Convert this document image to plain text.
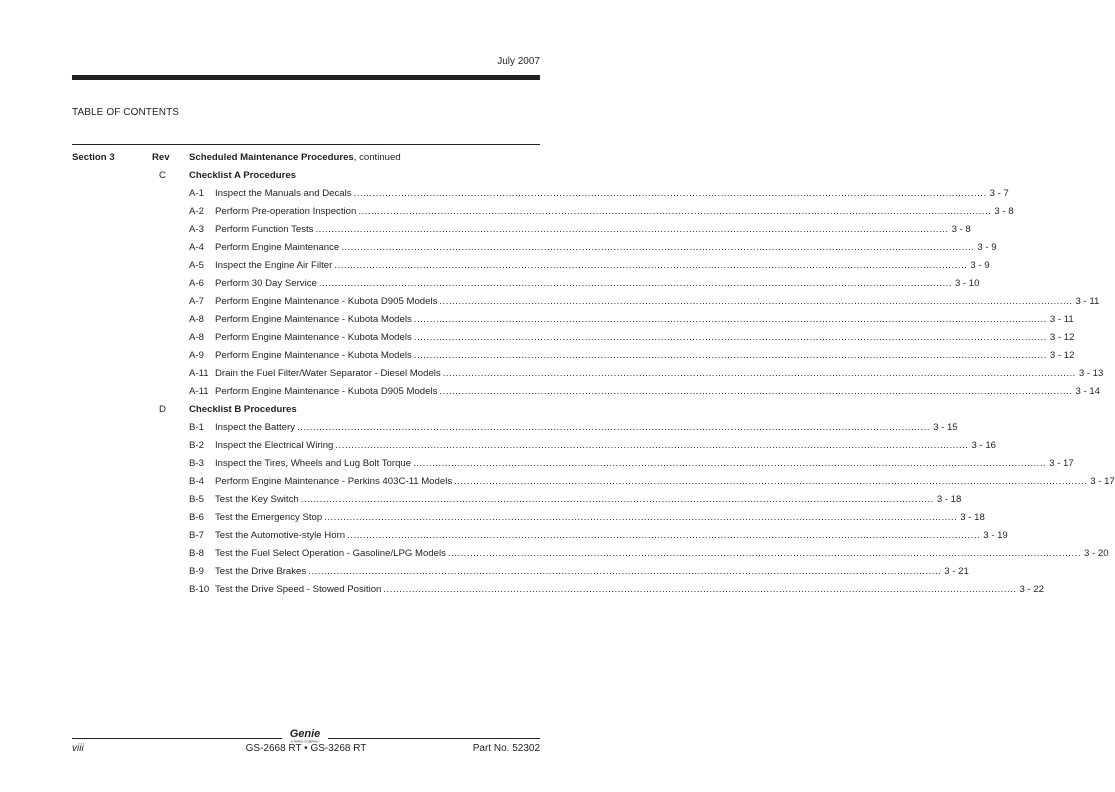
July 2007
TABLE OF CONTENTS
Section 3	Rev Scheduled Maintenance Procedures, continued
C Checklist A Procedures
A-1 Inspect the Manuals and Decals ........................................................................................................................................................................................................ 3 - 7
A-2 Perform Pre-operation Inspection ........................................................................................................................................................................................................ 3 - 8
A-3 Perform Function Tests ........................................................................................................................................................................................................ 3 - 8
A-4 Perform Engine Maintenance ........................................................................................................................................................................................................ 3 - 9
A-5 Inspect the Engine Air Filter ........................................................................................................................................................................................................ 3 - 9
A-6 Perform 30 Day Service ........................................................................................................................................................................................................ 3 - 10
A-7 Perform Engine Maintenance - Kubota D905 Models ........................................................................................................................................................................................................ 3 - 11
A-8 Perform Engine Maintenance - Kubota Models ........................................................................................................................................................................................................ 3 - 11
A-8 Perform Engine Maintenance - Kubota Models ........................................................................................................................................................................................................ 3 - 12
A-9 Perform Engine Maintenance - Kubota Models ........................................................................................................................................................................................................ 3 - 12
A-11 Drain the Fuel Filter/Water Separator - Diesel Models ........................................................................................................................................................................................................ 3 - 13
A-11 Perform Engine Maintenance - Kubota D905 Models ........................................................................................................................................................................................................ 3 - 14
D Checklist B Procedures
B-1 Inspect the Battery ........................................................................................................................................................................................................ 3 - 15
B-2 Inspect the Electrical Wiring ........................................................................................................................................................................................................ 3 - 16
B-3 Inspect the Tires, Wheels and Lug Bolt Torque ........................................................................................................................................................................................................ 3 - 17
B-4 Perform Engine Maintenance - Perkins 403C-11 Models ........................................................................................................................................................................................................ 3 - 17
B-5 Test the Key Switch ........................................................................................................................................................................................................ 3 - 18
B-6 Test the Emergency Stop ........................................................................................................................................................................................................ 3 - 18
B-7 Test the Automotive-style Horn ........................................................................................................................................................................................................ 3 - 19
B-8 Test the Fuel Select Operation - Gasoline/LPG Models ........................................................................................................................................................................................................ 3 - 20
B-9 Test the Drive Brakes ........................................................................................................................................................................................................ 3 - 21
B-10 Test the Drive Speed - Stowed Position ........................................................................................................................................................................................................ 3 - 22
Genie
A TEREX COMPANY
viii	GS-2668 RT • GS-3268 RT	Part No. 52302
